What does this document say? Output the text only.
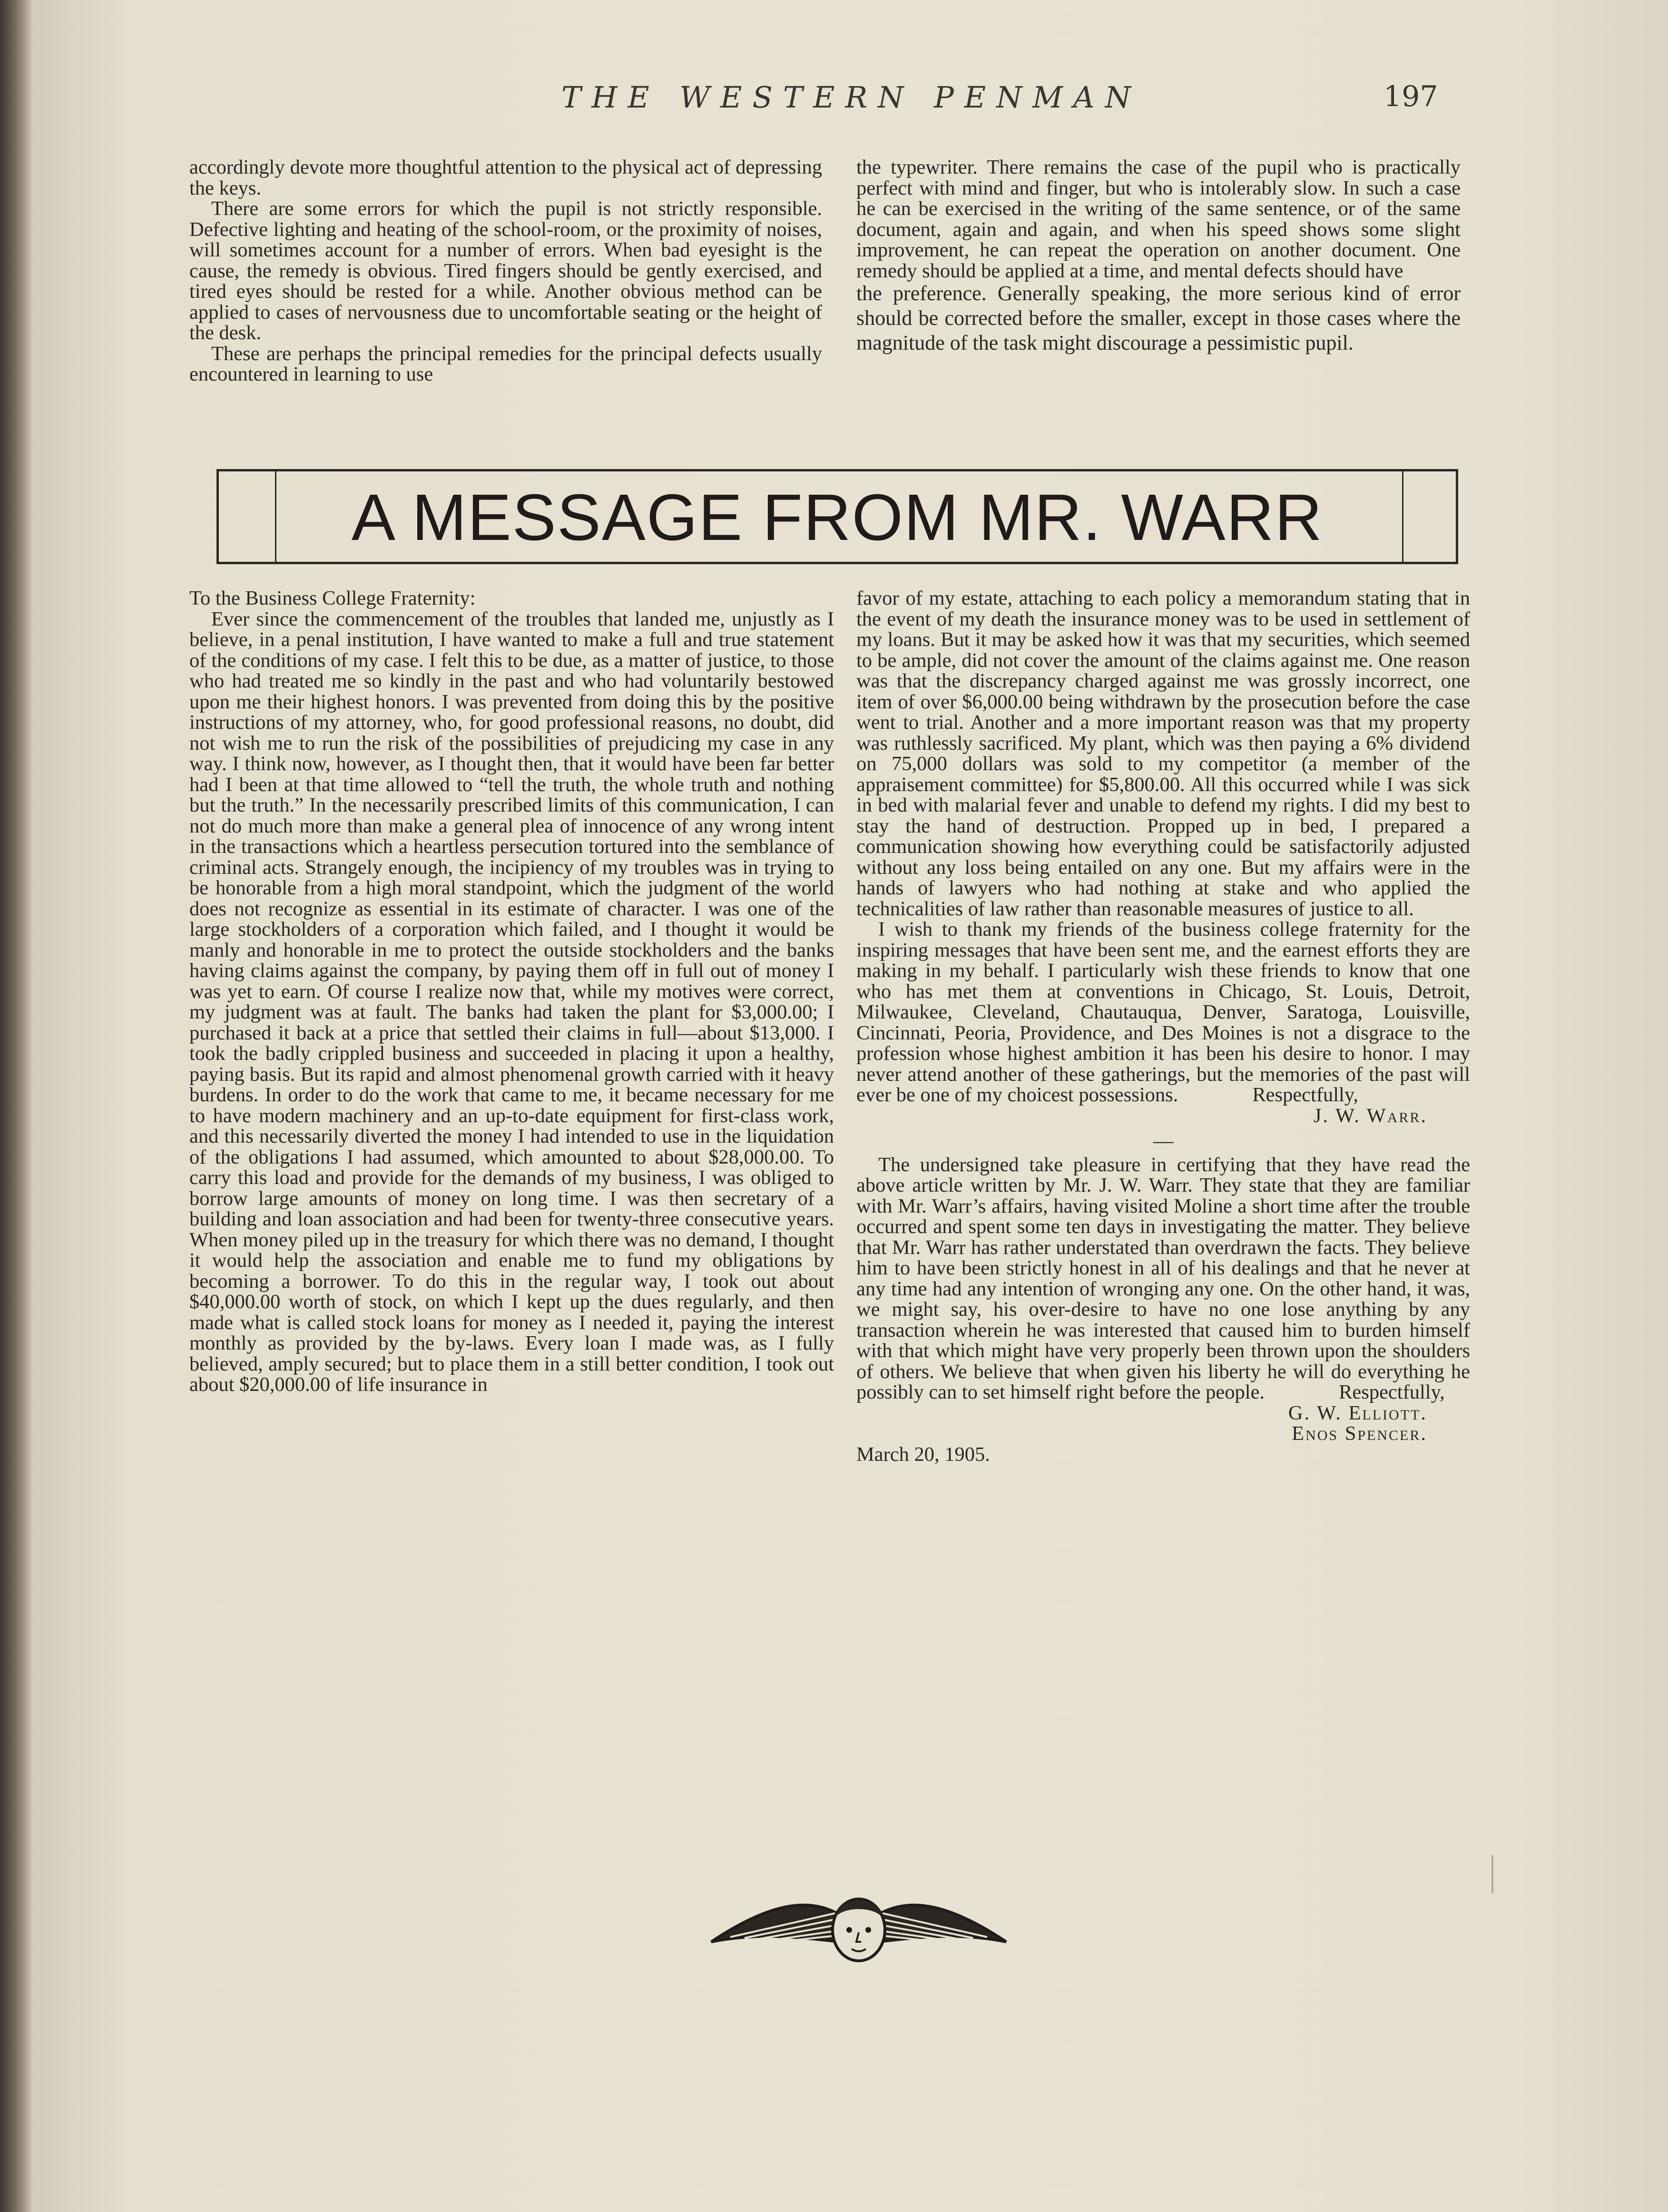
THE WESTERN PENMAN	197

accordingly devote more thoughtful attention to the physical act of depressing the keys.

There are some errors for which the pupil is not strictly responsible. Defective lighting and heating of the school-room, or the proximity of noises, will sometimes account for a number of errors. When bad eyesight is the cause, the remedy is obvious. Tired fingers should be gently exercised, and tired eyes should be rested for a while. Another obvious method can be applied to cases of nervousness due to uncomfortable seating or the height of the desk.

These are perhaps the principal remedies for the principal defects usually encountered in learning to use

the typewriter. There remains the case of the pupil who is practically perfect with mind and finger, but who is intolerably slow. In such a case he can be exercised in the writing of the same sentence, or of the same document, again and again, and when his speed shows some slight improvement, he can repeat the operation on another document. One remedy should be applied at a time, and mental defects should have

the preference. Generally speaking, the more serious kind of error should be corrected before the smaller, except in those cases where the magnitude of the task might discourage a pessimistic pupil.

A MESSAGE FROM MR. WARR

To the Business College Fraternity:

Ever since the commencement of the troubles that landed me, unjustly as I believe, in a penal institution, I have wanted to make a full and true statement of the conditions of my case. I felt this to be due, as a matter of justice, to those who had treated me so kindly in the past and who had voluntarily bestowed upon me their highest honors. I was prevented from doing this by the positive instructions of my attorney, who, for good professional reasons, no doubt, did not wish me to run the risk of the possibilities of prejudicing my case in any way. I think now, however, as I thought then, that it would have been far better had I been at that time allowed to “tell the truth, the whole truth and nothing but the truth.” In the necessarily prescribed limits of this communication, I can not do much more than make a general plea of innocence of any wrong intent in the transactions which a heartless persecution tortured into the semblance of criminal acts. Strangely enough, the incipiency of my troubles was in trying to be honorable from a high moral standpoint, which the judgment of the world does not recognize as essential in its estimate of character. I was one of the large stockholders of a corporation which failed, and I thought it would be manly and honorable in me to protect the outside stockholders and the banks having claims against the company, by paying them off in full out of money I was yet to earn. Of course I realize now that, while my motives were correct, my judgment was at fault. The banks had taken the plant for $3,000.00; I purchased it back at a price that settled their claims in full—about $13,000. I took the badly crippled business and succeeded in placing it upon a healthy, paying basis. But its rapid and almost phenomenal growth carried with it heavy burdens. In order to do the work that came to me, it became necessary for me to have modern machinery and an up-to-date equipment for first-class work, and this necessarily diverted the money I had intended to use in the liquidation of the obligations I had assumed, which amounted to about $28,000.00. To carry this load and provide for the demands of my business, I was obliged to borrow large amounts of money on long time. I was then secretary of a building and loan association and had been for twenty-three consecutive years. When money piled up in the treasury for which there was no demand, I thought it would help the association and enable me to fund my obligations by becoming a borrower. To do this in the regular way, I took out about $40,000.00 worth of stock, on which I kept up the dues regularly, and then made what is called stock loans for money as I needed it, paying the interest monthly as provided by the by-laws. Every loan I made was, as I fully believed, amply secured; but to place them in a still better condition, I took out about $20,000.00 of life insurance in

favor of my estate, attaching to each policy a memorandum stating that in the event of my death the insurance money was to be used in settlement of my loans. But it may be asked how it was that my securities, which seemed to be ample, did not cover the amount of the claims against me. One reason was that the discrepancy charged against me was grossly incorrect, one item of over $6,000.00 being withdrawn by the prosecution before the case went to trial. Another and a more important reason was that my property was ruthlessly sacrificed. My plant, which was then paying a 6% dividend on 75,000 dollars was sold to my competitor (a member of the appraisement committee) for $5,800.00. All this occurred while I was sick in bed with malarial fever and unable to defend my rights. I did my best to stay the hand of destruction. Propped up in bed, I prepared a communication showing how everything could be satisfactorily adjusted without any loss being entailed on any one. But my affairs were in the hands of lawyers who had nothing at stake and who applied the technicalities of law rather than reasonable measures of justice to all.

I wish to thank my friends of the business college fraternity for the inspiring messages that have been sent me, and the earnest efforts they are making in my behalf. I particularly wish these friends to know that one who has met them at conventions in Chicago, St. Louis, Detroit, Milwaukee, Cleveland, Chautauqua, Denver, Saratoga, Louisville, Cincinnati, Peoria, Providence, and Des Moines is not a disgrace to the profession whose highest ambition it has been his desire to honor. I may never attend another of these gatherings, but the memories of the past will ever be one of my choicest possessions.	Respectfully,

J. W. Warr.
—

The undersigned take pleasure in certifying that they have read the above article written by Mr. J. W. Warr. They state that they are familiar with Mr. Warr’s affairs, having visited Moline a short time after the trouble occurred and spent some ten days in investigating the matter. They believe that Mr. Warr has rather understated than overdrawn the facts. They believe him to have been strictly honest in all of his dealings and that he never at any time had any intention of wronging any one. On the other hand, it was, we might say, his over-desire to have no one lose anything by any transaction wherein he was interested that caused him to burden himself with that which might have very properly been thrown upon the shoulders of others. We believe that when given his liberty he will do everything he possibly can to set himself right before the people.	Respectfully,

G. W. Elliott.
Enos Spencer.

March 20, 1905.
